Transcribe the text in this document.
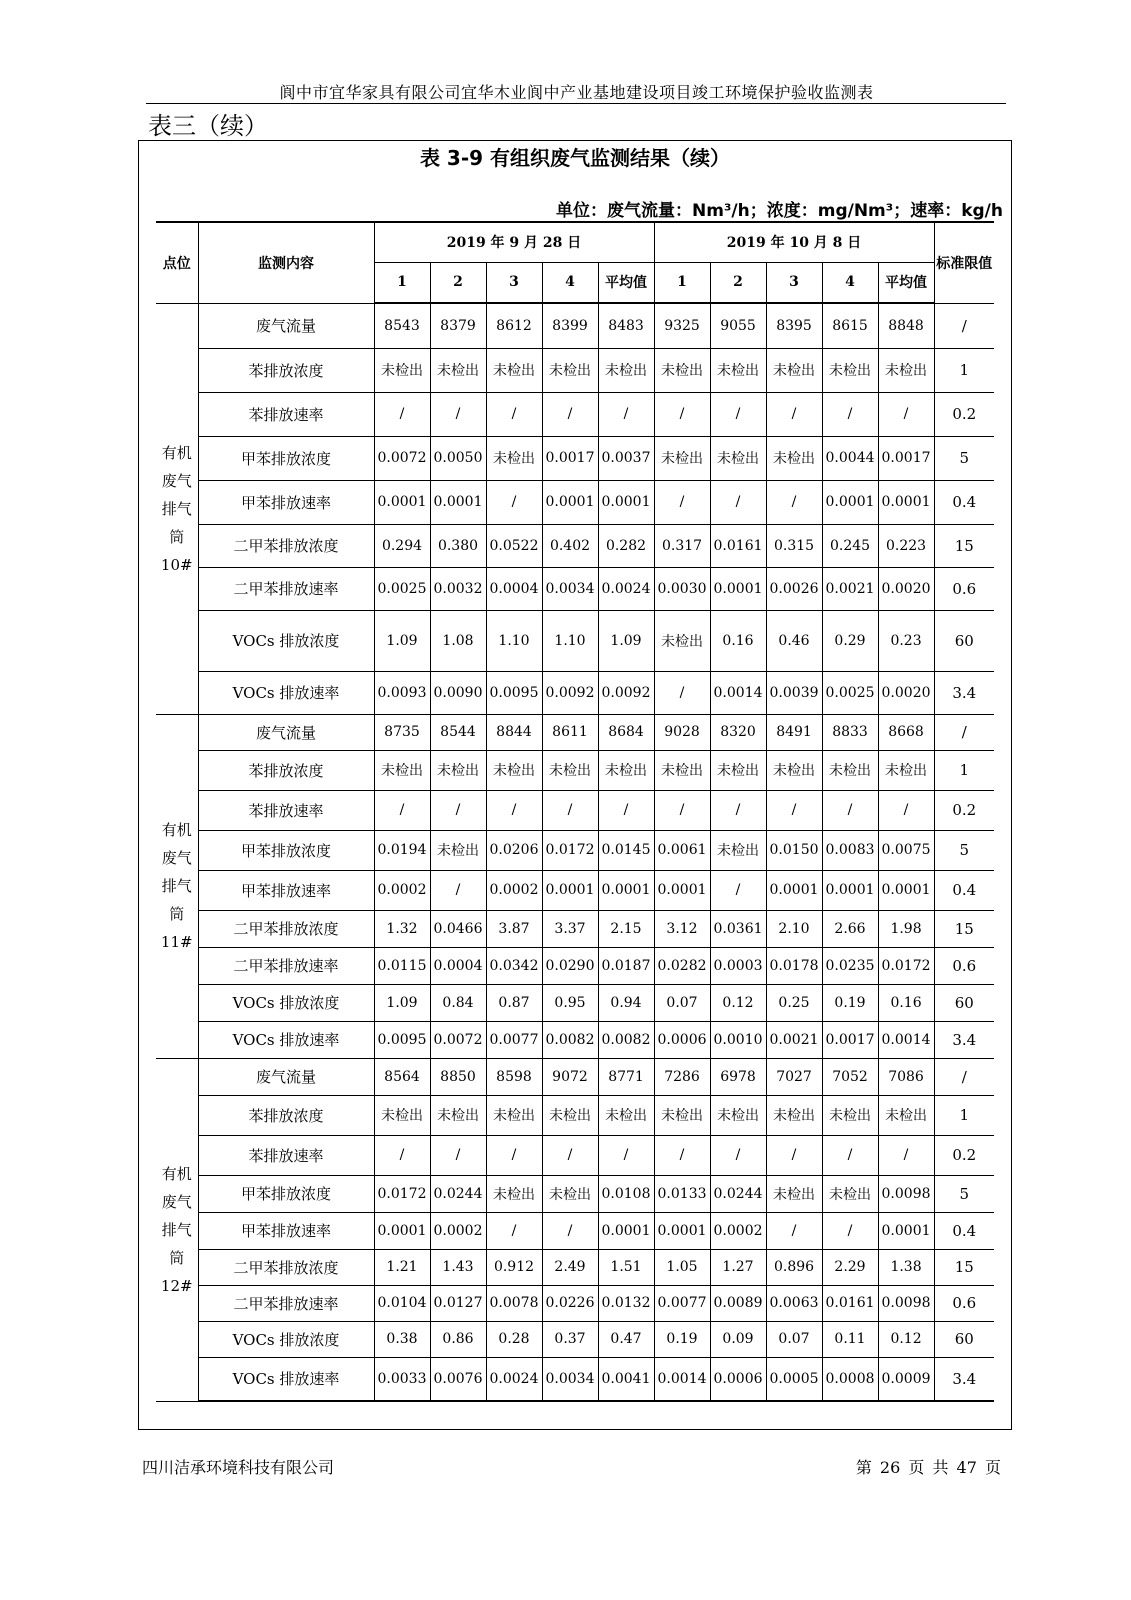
阆中市宜华家具有限公司宜华木业阆中产业基地建设项目竣工环境保护验收监测表
表三（续）
表 3-9 有组织废气监测结果（续）
单位：废气流量：Nm³/h；浓度：mg/Nm³；速率：kg/h
点位	监测内容	2019 年 9 月 28 日					2019 年 10 月 8 日					标准限值
		1	2	3	4	平均值	1	2	3	4	平均值	
有机废气排气筒10#	废气流量	8543	8379	8612	8399	8483	9325	9055	8395	8615	8848	/
	苯排放浓度	未检出	未检出	未检出	未检出	未检出	未检出	未检出	未检出	未检出	未检出	1
	苯排放速率	/	/	/	/	/	/	/	/	/	/	0.2
	甲苯排放浓度	0.0072	0.0050	未检出	0.0017	0.0037	未检出	未检出	未检出	0.0044	0.0017	5
	甲苯排放速率	0.0001	0.0001	/	0.0001	0.0001	/	/	/	0.0001	0.0001	0.4
	二甲苯排放浓度	0.294	0.380	0.0522	0.402	0.282	0.317	0.0161	0.315	0.245	0.223	15
	二甲苯排放速率	0.0025	0.0032	0.0004	0.0034	0.0024	0.0030	0.0001	0.0026	0.0021	0.0020	0.6
	VOCs 排放浓度	1.09	1.08	1.10	1.10	1.09	未检出	0.16	0.46	0.29	0.23	60
	VOCs 排放速率	0.0093	0.0090	0.0095	0.0092	0.0092	/	0.0014	0.0039	0.0025	0.0020	3.4
有机废气排气筒11#	废气流量	8735	8544	8844	8611	8684	9028	8320	8491	8833	8668	/
	苯排放浓度	未检出	未检出	未检出	未检出	未检出	未检出	未检出	未检出	未检出	未检出	1
	苯排放速率	/	/	/	/	/	/	/	/	/	/	0.2
	甲苯排放浓度	0.0194	未检出	0.0206	0.0172	0.0145	0.0061	未检出	0.0150	0.0083	0.0075	5
	甲苯排放速率	0.0002	/	0.0002	0.0001	0.0001	0.0001	/	0.0001	0.0001	0.0001	0.4
	二甲苯排放浓度	1.32	0.0466	3.87	3.37	2.15	3.12	0.0361	2.10	2.66	1.98	15
	二甲苯排放速率	0.0115	0.0004	0.0342	0.0290	0.0187	0.0282	0.0003	0.0178	0.0235	0.0172	0.6
	VOCs 排放浓度	1.09	0.84	0.87	0.95	0.94	0.07	0.12	0.25	0.19	0.16	60
	VOCs 排放速率	0.0095	0.0072	0.0077	0.0082	0.0082	0.0006	0.0010	0.0021	0.0017	0.0014	3.4
有机废气排气筒12#	废气流量	8564	8850	8598	9072	8771	7286	6978	7027	7052	7086	/
	苯排放浓度	未检出	未检出	未检出	未检出	未检出	未检出	未检出	未检出	未检出	未检出	1
	苯排放速率	/	/	/	/	/	/	/	/	/	/	0.2
	甲苯排放浓度	0.0172	0.0244	未检出	未检出	0.0108	0.0133	0.0244	未检出	未检出	0.0098	5
	甲苯排放速率	0.0001	0.0002	/	/	0.0001	0.0001	0.0002	/	/	0.0001	0.4
	二甲苯排放浓度	1.21	1.43	0.912	2.49	1.51	1.05	1.27	0.896	2.29	1.38	15
	二甲苯排放速率	0.0104	0.0127	0.0078	0.0226	0.0132	0.0077	0.0089	0.0063	0.0161	0.0098	0.6
	VOCs 排放浓度	0.38	0.86	0.28	0.37	0.47	0.19	0.09	0.07	0.11	0.12	60
	VOCs 排放速率	0.0033	0.0076	0.0024	0.0034	0.0041	0.0014	0.0006	0.0005	0.0008	0.0009	3.4
四川洁承环境科技有限公司	第 26 页 共 47 页
